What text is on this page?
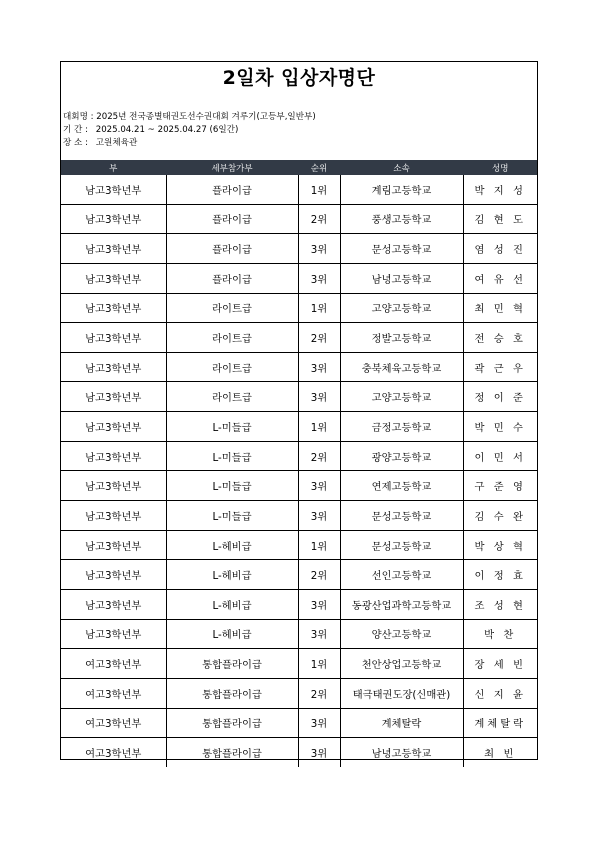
2일차 입상자명단
대회명 : 2025년 전국종별태권도선수권대회 겨루기(고등부,일반부)
기 간 : 2025.04.21 ~ 2025.04.27 (6일간)
장 소 : 고원체육관
부	세부참가부	순위	소속	성명
남고3학년부	플라이급	1위	계림고등학교	박 지 성
남고3학년부	플라이급	2위	풍생고등학교	김 현 도
남고3학년부	플라이급	3위	문성고등학교	염 성 진
남고3학년부	플라이급	3위	남녕고등학교	여 유 선
남고3학년부	라이트급	1위	고양고등학교	최 민 혁
남고3학년부	라이트급	2위	정발고등학교	전 승 호
남고3학년부	라이트급	3위	충북체육고등학교	곽 근 우
남고3학년부	라이트급	3위	고양고등학교	정 이 준
남고3학년부	L-미들급	1위	금정고등학교	박 민 수
남고3학년부	L-미들급	2위	광양고등학교	이 민 서
남고3학년부	L-미들급	3위	연제고등학교	구 준 영
남고3학년부	L-미들급	3위	문성고등학교	김 수 완
남고3학년부	L-헤비급	1위	문성고등학교	박 상 혁
남고3학년부	L-헤비급	2위	선인고등학교	이 정 효
남고3학년부	L-헤비급	3위	동광산업과학고등학교	조 성 현
남고3학년부	L-헤비급	3위	양산고등학교	박 찬
여고3학년부	통합플라이급	1위	천안상업고등학교	장 세 빈
여고3학년부	통합플라이급	2위	태극태권도장(신매관)	신 지 윤
여고3학년부	통합플라이급	3위	계체탈락	계체탈락
여고3학년부	통합플라이급	3위	남녕고등학교	최 빈
